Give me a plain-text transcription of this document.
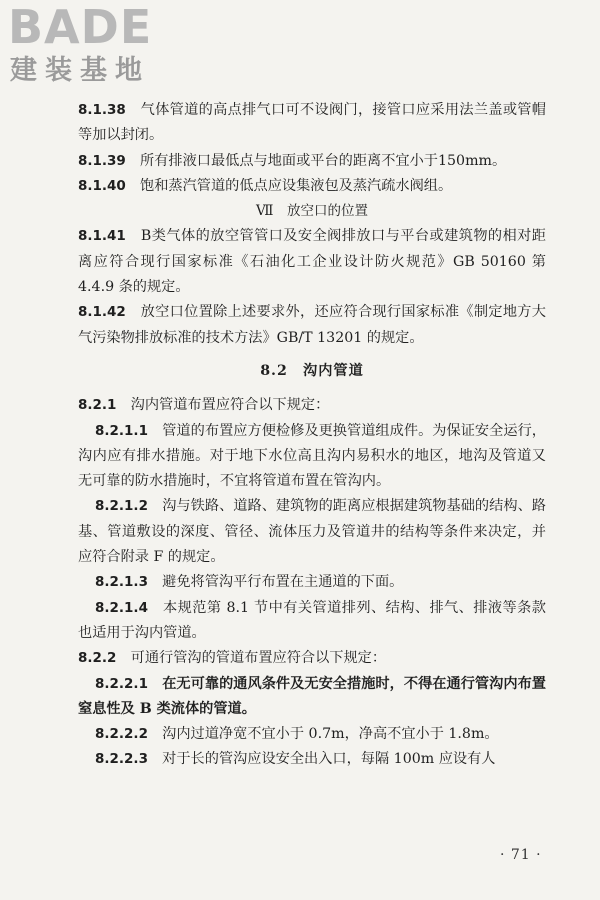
BADE
建装基地

8.1.38　 气体管道的高点排气口可不设阀门，接管口应采用法兰盖或管帽等加以封闭。

8.1.39　 所有排液口最低点与地面或平台的距离不宜小于150mm。

8.1.40　 饱和蒸汽管道的低点应设集液包及蒸汽疏水阀组。

Ⅶ　放空口的位置

8.1.41　 B类气体的放空管管口及安全阀排放口与平台或建筑物的相对距离应符合现行国家标准《石油化工企业设计防火规范》GB 50160 第 4.4.9 条的规定。

8.1.42　 放空口位置除上述要求外，还应符合现行国家标准《制定地方大气污染物排放标准的技术方法》GB/T 13201 的规定。

8.2　沟内管道

8.2.1　 沟内管道布置应符合以下规定：

8.2.1.1　 管道的布置应方便检修及更换管道组成件。为保证安全运行，沟内应有排水措施。对于地下水位高且沟内易积水的地区，地沟及管道又无可靠的防水措施时，不宜将管道布置在管沟内。

8.2.1.2　 沟与铁路、道路、建筑物的距离应根据建筑物基础的结构、路基、管道敷设的深度、管径、流体压力及管道井的结构等条件来决定，并应符合附录 F 的规定。

8.2.1.3　 避免将管沟平行布置在主通道的下面。

8.2.1.4　 本规范第 8.1 节中有关管道排列、结构、排气、排液等条款也适用于沟内管道。

8.2.2　 可通行管沟的管道布置应符合以下规定：

8.2.2.1　 在无可靠的通风条件及无安全措施时，不得在通行管沟内布置窒息性及 B 类流体的管道。

8.2.2.2　 沟内过道净宽不宜小于 0.7m，净高不宜小于 1.8m。

8.2.2.3　 对于长的管沟应设安全出入口，每隔 100m 应设有人

· 71 ·
